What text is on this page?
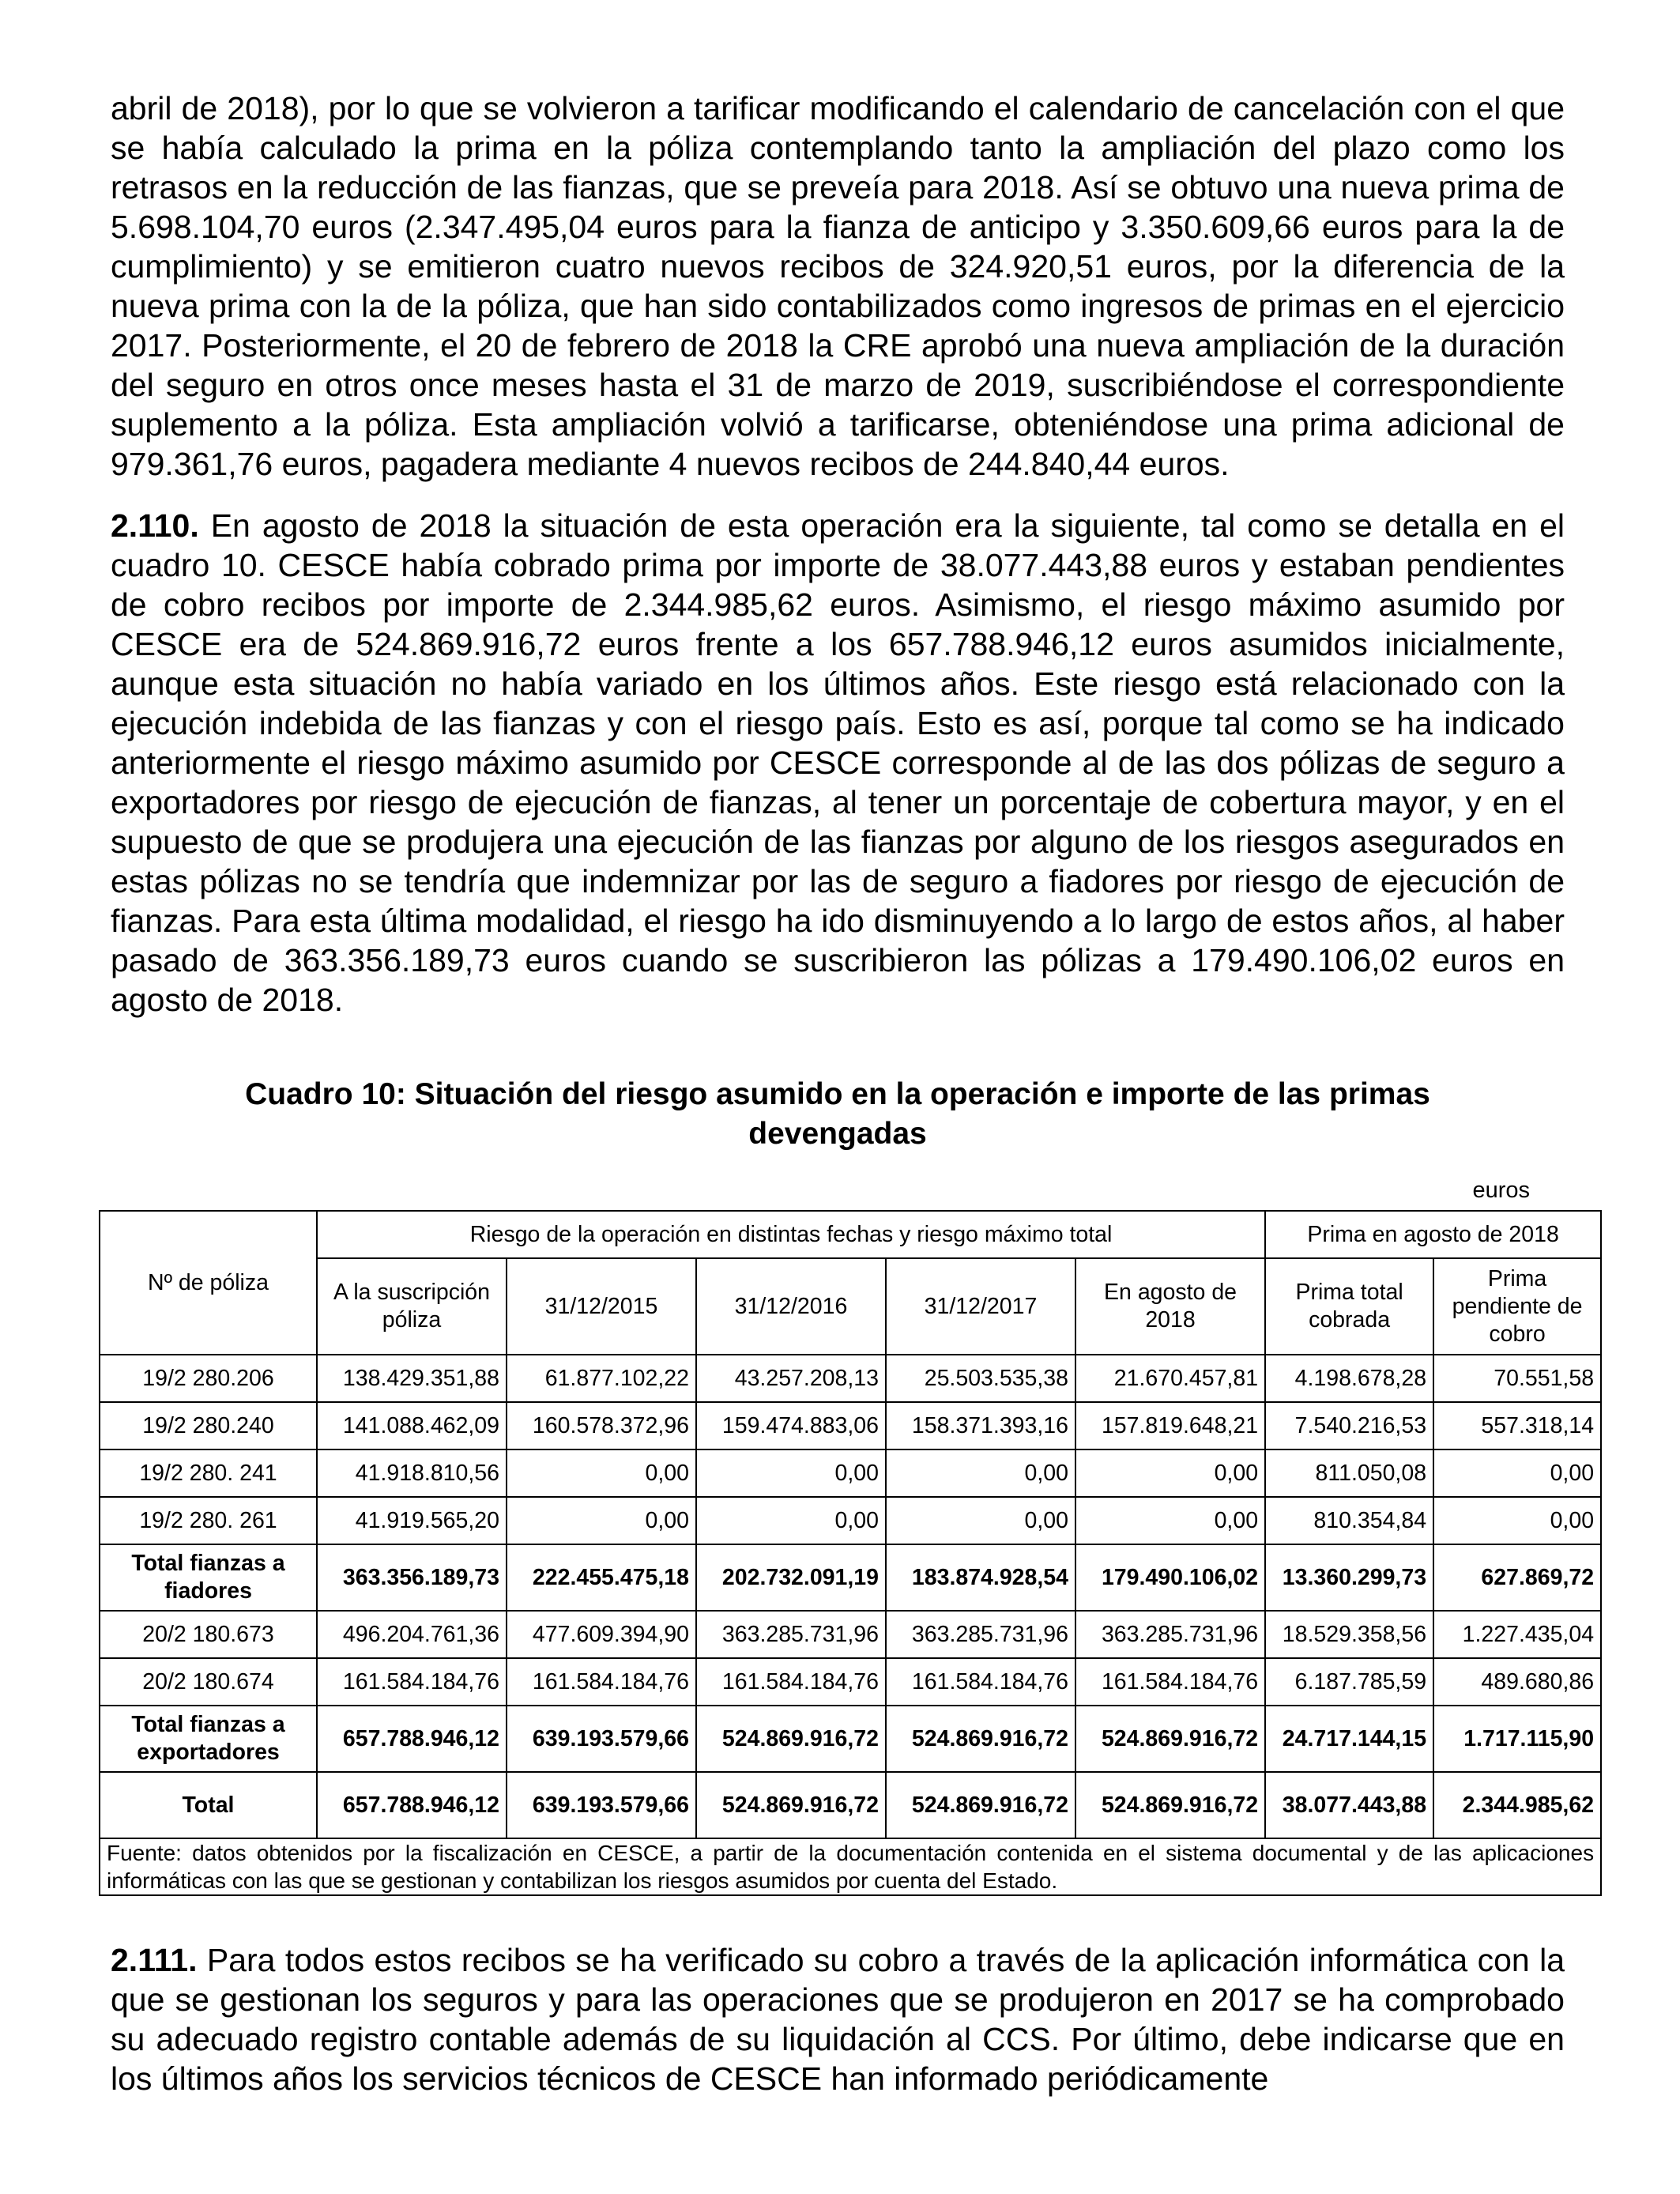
abril de 2018), por lo que se volvieron a tarificar modificando el calendario de cancelación con el que se había calculado la prima en la póliza contemplando tanto la ampliación del plazo como los retrasos en la reducción de las fianzas, que se preveía para 2018. Así se obtuvo una nueva prima de 5.698.104,70 euros (2.347.495,04 euros para la fianza de anticipo y 3.350.609,66 euros para la de cumplimiento) y se emitieron cuatro nuevos recibos de 324.920,51 euros, por la diferencia de la nueva prima con la de la póliza, que han sido contabilizados como ingresos de primas en el ejercicio 2017. Posteriormente, el 20 de febrero de 2018 la CRE aprobó una nueva ampliación de la duración del seguro en otros once meses hasta el 31 de marzo de 2019, suscribiéndose el correspondiente suplemento a la póliza. Esta ampliación volvió a tarificarse, obteniéndose una prima adicional de 979.361,76 euros, pagadera mediante 4 nuevos recibos de 244.840,44 euros.

2.110. En agosto de 2018 la situación de esta operación era la siguiente, tal como se detalla en el cuadro 10. CESCE había cobrado prima por importe de 38.077.443,88 euros y estaban pendientes de cobro recibos por importe de 2.344.985,62 euros. Asimismo, el riesgo máximo asumido por CESCE era de 524.869.916,72 euros frente a los 657.788.946,12 euros asumidos inicialmente, aunque esta situación no había variado en los últimos años. Este riesgo está relacionado con la ejecución indebida de las fianzas y con el riesgo país. Esto es así, porque tal como se ha indicado anteriormente el riesgo máximo asumido por CESCE corresponde al de las dos pólizas de seguro a exportadores por riesgo de ejecución de fianzas, al tener un porcentaje de cobertura mayor, y en el supuesto de que se produjera una ejecución de las fianzas por alguno de los riesgos asegurados en estas pólizas no se tendría que indemnizar por las de seguro a fiadores por riesgo de ejecución de fianzas. Para esta última modalidad, el riesgo ha ido disminuyendo a lo largo de estos años, al haber pasado de 363.356.189,73 euros cuando se suscribieron las pólizas a 179.490.106,02 euros en agosto de 2018.

Cuadro 10: Situación del riesgo asumido en la operación e importe de las primas devengadas
euros
Nº de póliza	Riesgo de la operación en distintas fechas y riesgo máximo total					Prima en agosto de 2018	
	A la suscripción póliza	31/12/2015	31/12/2016	31/12/2017	En agosto de 2018	Prima total cobrada	Prima pendiente de cobro
19/2 280.206	138.429.351,88	61.877.102,22	43.257.208,13	25.503.535,38	21.670.457,81	4.198.678,28	70.551,58
19/2 280.240	141.088.462,09	160.578.372,96	159.474.883,06	158.371.393,16	157.819.648,21	7.540.216,53	557.318,14
19/2 280. 241	41.918.810,56	0,00	0,00	0,00	0,00	811.050,08	0,00
19/2 280. 261	41.919.565,20	0,00	0,00	0,00	0,00	810.354,84	0,00
Total fianzas a fiadores	363.356.189,73	222.455.475,18	202.732.091,19	183.874.928,54	179.490.106,02	13.360.299,73	627.869,72
20/2 180.673	496.204.761,36	477.609.394,90	363.285.731,96	363.285.731,96	363.285.731,96	18.529.358,56	1.227.435,04
20/2 180.674	161.584.184,76	161.584.184,76	161.584.184,76	161.584.184,76	161.584.184,76	6.187.785,59	489.680,86
Total fianzas a exportadores	657.788.946,12	639.193.579,66	524.869.916,72	524.869.916,72	524.869.916,72	24.717.144,15	1.717.115,90
Total	657.788.946,12	639.193.579,66	524.869.916,72	524.869.916,72	524.869.916,72	38.077.443,88	2.344.985,62
Fuente: datos obtenidos por la fiscalización en CESCE, a partir de la documentación contenida en el sistema documental y de las aplicaciones informáticas con las que se gestionan y contabilizan los riesgos asumidos por cuenta del Estado.							

2.111. Para todos estos recibos se ha verificado su cobro a través de la aplicación informática con la que se gestionan los seguros y para las operaciones que se produjeron en 2017 se ha comprobado su adecuado registro contable además de su liquidación al CCS. Por último, debe indicarse que en los últimos años los servicios técnicos de CESCE han informado periódicamente
